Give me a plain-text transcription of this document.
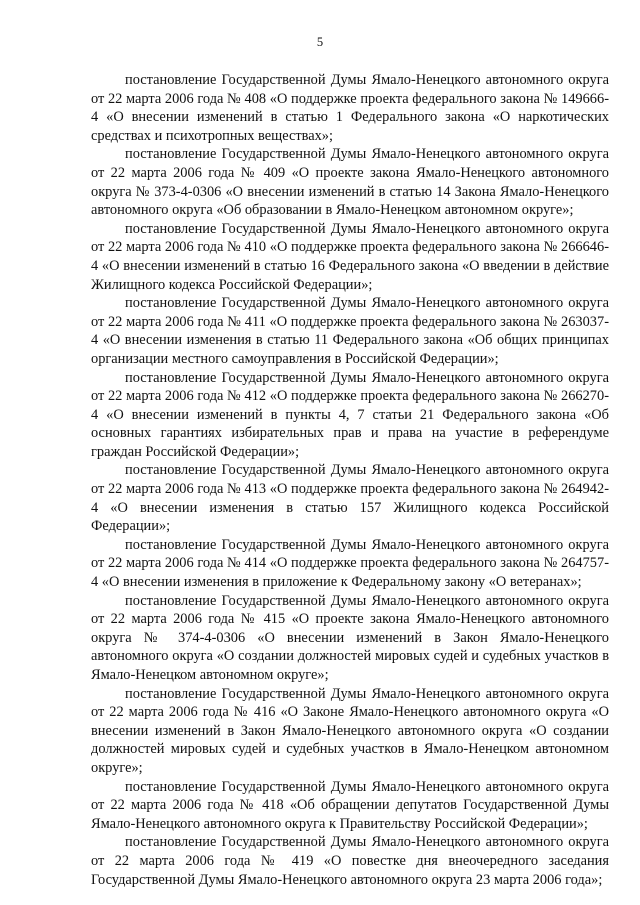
5

постановление Государственной Думы Ямало-Ненецкого автономного округа от 22 марта 2006 года № 408 «О поддержке проекта федерального закона № 149666-4 «О внесении изменений в статью 1 Федерального закона «О наркотических средствах и психотропных веществах»;

постановление Государственной Думы Ямало-Ненецкого автономного округа от 22 марта 2006 года № 409 «О проекте закона Ямало-Ненецкого автономного округа № 373-4-0306 «О внесении изменений в статью 14 Закона Ямало-Ненецкого автономного округа «Об образовании в Ямало-Ненецком автономном округе»;

постановление Государственной Думы Ямало-Ненецкого автономного округа от 22 марта 2006 года № 410 «О поддержке проекта федерального закона № 266646-4 «О внесении изменений в статью 16 Федерального закона «О введении в действие Жилищного кодекса Российской Федерации»;

постановление Государственной Думы Ямало-Ненецкого автономного округа от 22 марта 2006 года № 411 «О поддержке проекта федерального закона № 263037-4 «О внесении изменения в статью 11 Федерального закона «Об общих принципах организации местного самоуправления в Российской Федерации»;

постановление Государственной Думы Ямало-Ненецкого автономного округа от 22 марта 2006 года № 412 «О поддержке проекта федерального закона № 266270-4 «О внесении изменений в пункты 4, 7 статьи 21 Федерального закона «Об основных гарантиях избирательных прав и права на участие в референдуме граждан Российской Федерации»;

постановление Государственной Думы Ямало-Ненецкого автономного округа от 22 марта 2006 года № 413 «О поддержке проекта федерального закона № 264942-4 «О внесении изменения в статью 157 Жилищного кодекса Российской Федерации»;

постановление Государственной Думы Ямало-Ненецкого автономного округа от 22 марта 2006 года № 414 «О поддержке проекта федерального закона № 264757-4 «О внесении изменения в приложение к Федеральному закону «О ветеранах»;

постановление Государственной Думы Ямало-Ненецкого автономного округа от 22 марта 2006 года № 415 «О проекте закона Ямало-Ненецкого автономного округа № 374-4-0306 «О внесении изменений в Закон Ямало-Ненецкого автономного округа «О создании должностей мировых судей и судебных участков в Ямало-Ненецком автономном округе»;

постановление Государственной Думы Ямало-Ненецкого автономного округа от 22 марта 2006 года № 416 «О Законе Ямало-Ненецкого автономного округа «О внесении изменений в Закон Ямало-Ненецкого автономного округа «О создании должностей мировых судей и судебных участков в Ямало-Ненецком автономном округе»;

постановление Государственной Думы Ямало-Ненецкого автономного округа от 22 марта 2006 года № 418 «Об обращении депутатов Государственной Думы Ямало-Ненецкого автономного округа к Правительству Российской Федерации»;

постановление Государственной Думы Ямало-Ненецкого автономного округа от 22 марта 2006 года № 419 «О повестке дня внеочередного заседания Государственной Думы Ямало-Ненецкого автономного округа 23 марта 2006 года»;
